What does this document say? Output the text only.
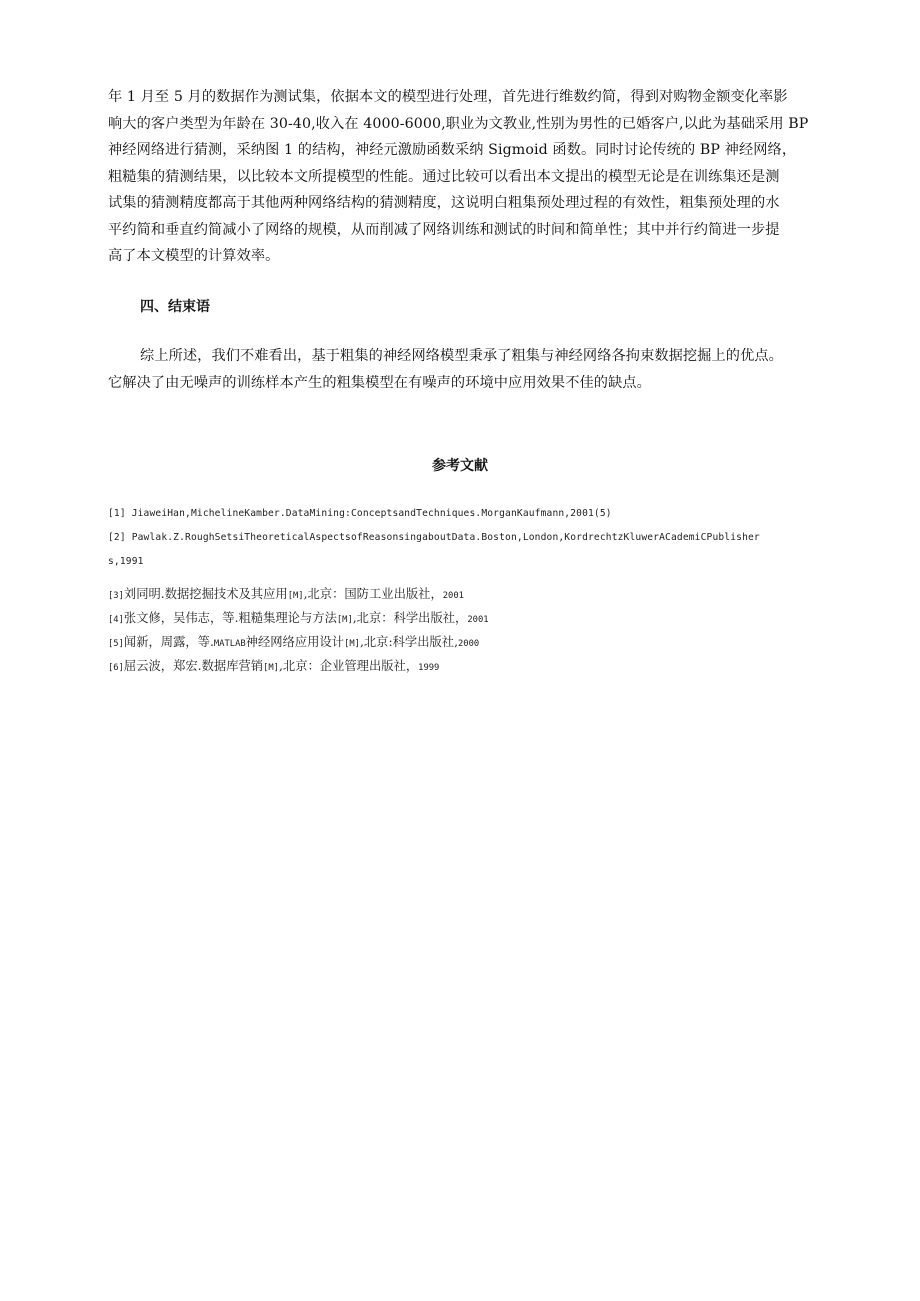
年 1 月至 5 月的数据作为测试集，依据本文的模型进行处理，首先进行维数约简，得到对购物金额变化率影
响大的客户类型为年龄在 30-40,收入在 4000-6000,职业为文教业,性别为男性的已婚客户,以此为基础采用 BP
神经网络进行猜测，采纳图 1 的结构，神经元激励函数采纳 Sigmoid 函数。同时讨论传统的 BP 神经网络，
粗糙集的猜测结果，以比较本文所提模型的性能。通过比较可以看出本文提出的模型无论是在训练集还是测
试集的猜测精度都高于其他两种网络结构的猜测精度，这说明白粗集预处理过程的有效性，粗集预处理的水
平约简和垂直约简减小了网络的规模，从而削减了网络训练和测试的时间和简单性；其中并行约简进一步提
高了本文模型的计算效率。
四、结束语
综上所述，我们不难看出，基于粗集的神经网络模型秉承了粗集与神经网络各拘束数据挖掘上的优点。
它解决了由无噪声的训练样本产生的粗集模型在有噪声的环境中应用效果不佳的缺点。
参考文献
[1] JiaweiHan,MichelineKamber.DataMining:ConceptsandTechniques.MorganKaufmann,2001(5)
[2] Pawlak.Z.RoughSetsiTheoreticalAspectsofReasonsingaboutData.Boston,London,KordrechtzKluwerACademiCPublisher
s,1991
[3]刘同明.数据挖掘技术及其应用[M],北京：国防工业出版社，2001
[4]张文修，吴伟志，等.粗糙集理论与方法[M],北京：科学出版社，2001
[5]闻新，周露，等.MATLAB神经网络应用设计[M],北京:科学出版社,2000
[6]屈云波，郑宏.数据库营销[M],北京：企业管理出版社，1999
